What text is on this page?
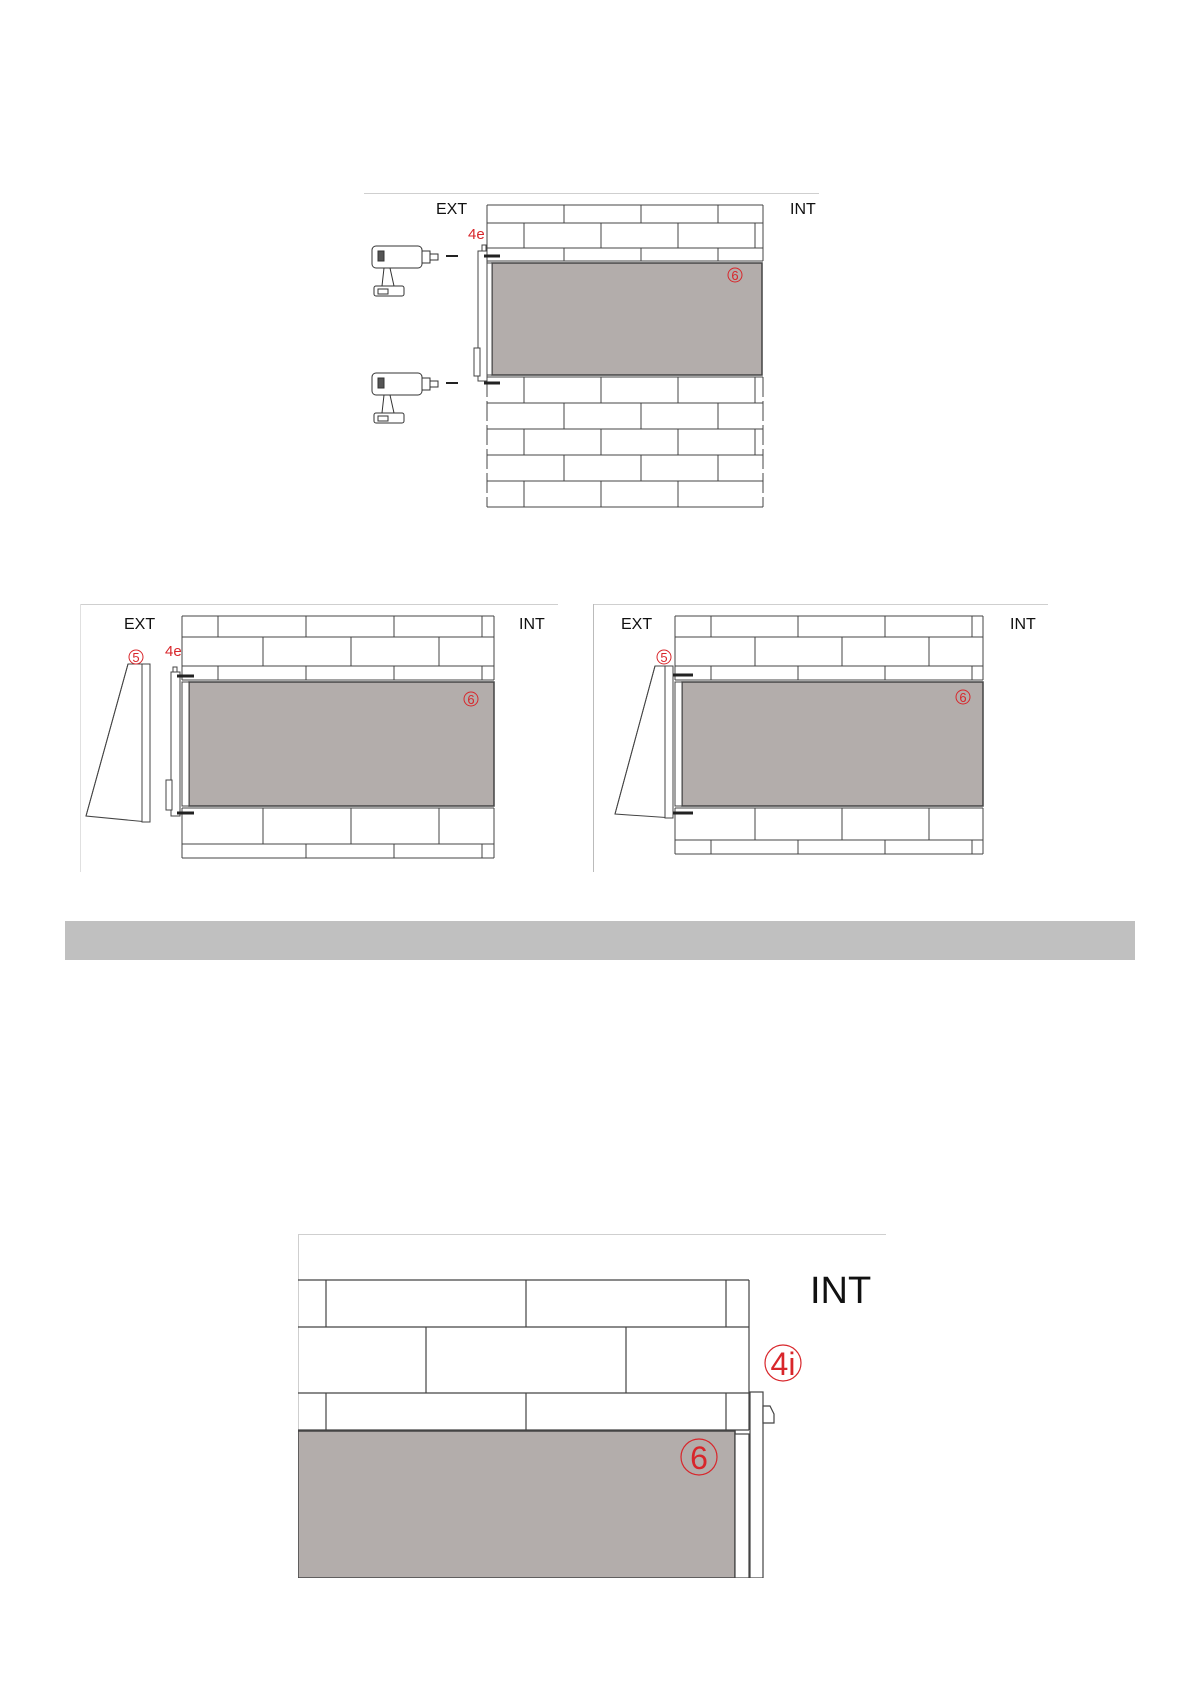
EXT	INT
4e
6
EXT	INT
5 4e
6
EXT	INT
5
6
INT
4i
6
